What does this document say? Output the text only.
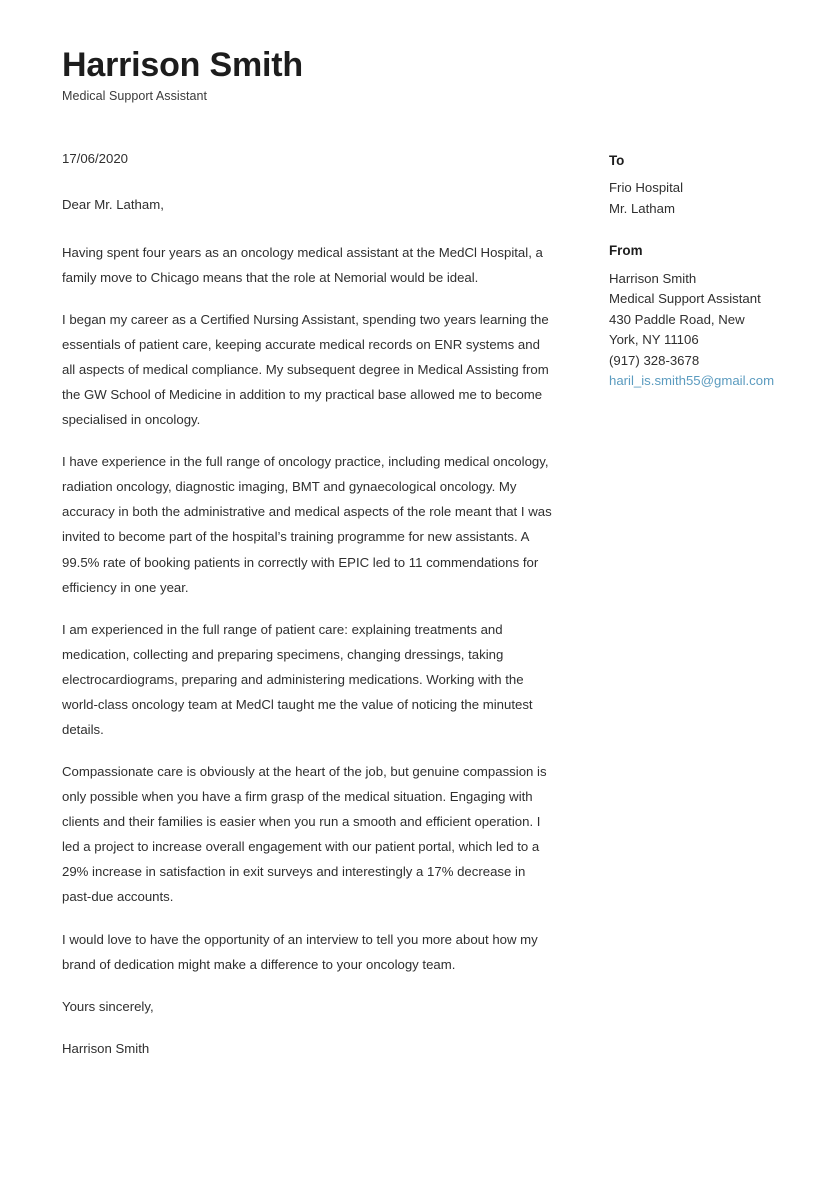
Harrison Smith

Medical Support Assistant

17/06/2020

Dear Mr. Latham,

Having spent four years as an oncology medical assistant at the MedCl Hospital, a family move to Chicago means that the role at Nemorial would be ideal.

I began my career as a Certified Nursing Assistant, spending two years learning the essentials of patient care, keeping accurate medical records on ENR systems and all aspects of medical compliance. My subsequent degree in Medical Assisting from the GW School of Medicine in addition to my practical base allowed me to become specialised in oncology.

I have experience in the full range of oncology practice, including medical oncology, radiation oncology, diagnostic imaging, BMT and gynaecological oncology. My accuracy in both the administrative and medical aspects of the role meant that I was invited to become part of the hospital’s training programme for new assistants. A 99.5% rate of booking patients in correctly with EPIC led to 11 commendations for efficiency in one year.

I am experienced in the full range of patient care: explaining treatments and medication, collecting and preparing specimens, changing dressings, taking electrocardiograms, preparing and administering medications. Working with the world-class oncology team at MedCl taught me the value of noticing the minutest details.

Compassionate care is obviously at the heart of the job, but genuine compassion is only possible when you have a firm grasp of the medical situation. Engaging with clients and their families is easier when you run a smooth and efficient operation. I led a project to increase overall engagement with our patient portal, which led to a 29% increase in satisfaction in exit surveys and interestingly a 17% decrease in past-due accounts.

I would love to have the opportunity of an interview to tell you more about how my brand of dedication might make a difference to your oncology team.

Yours sincerely,

Harrison Smith

To

Frio Hospital

Mr. Latham

From

Harrison Smith

Medical Support Assistant

430 Paddle Road, New

York, NY 11106

(917) 328-3678

haril_is.smith55@gmail.com
